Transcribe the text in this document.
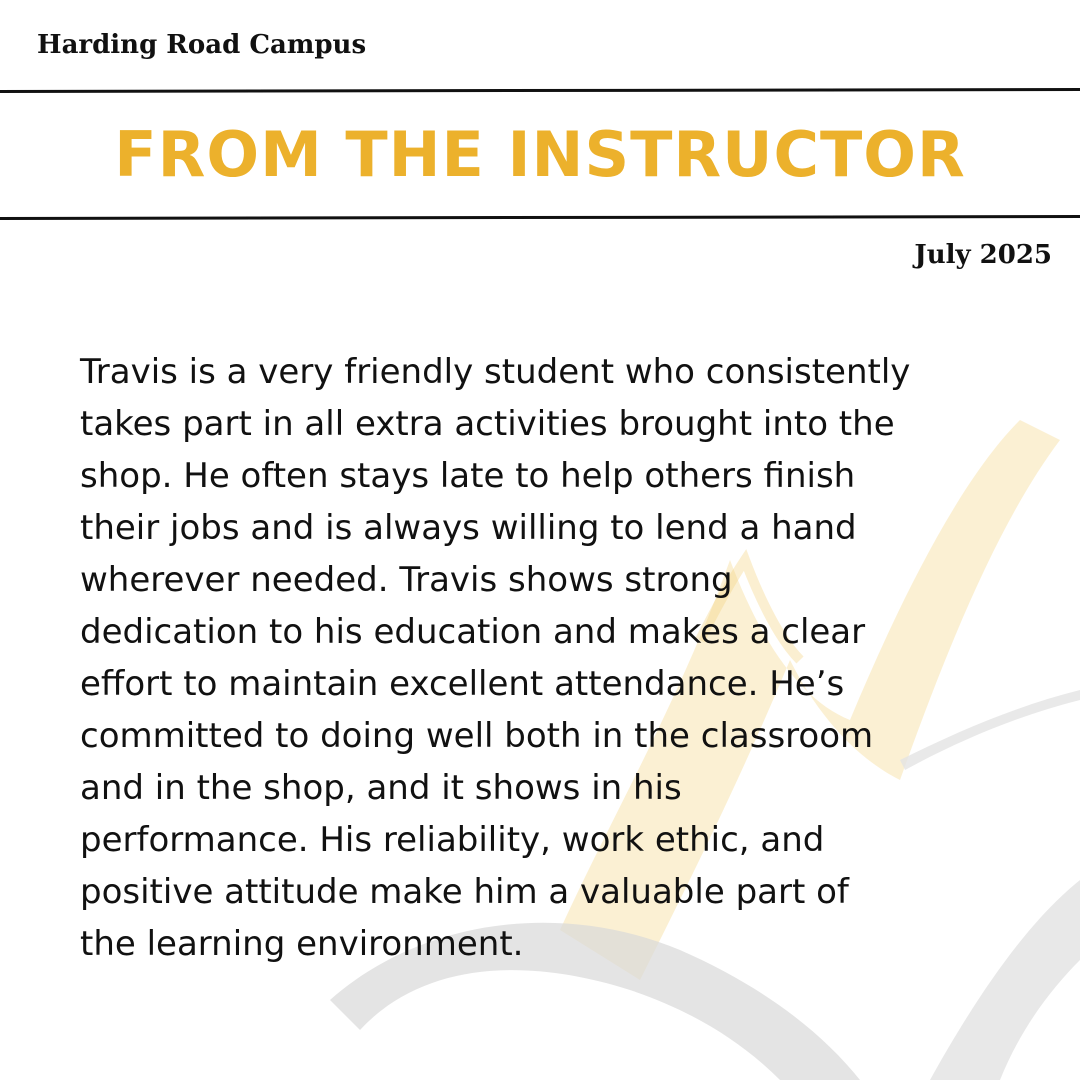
Harding Road Campus
FROM THE INSTRUCTOR
July 2025
Travis is a very friendly student who consistently
takes part in all extra activities brought into the
shop. He often stays late to help others finish
their jobs and is always willing to lend a hand
wherever needed. Travis shows strong
dedication to his education and makes a clear
effort to maintain excellent attendance. He’s
committed to doing well both in the classroom
and in the shop, and it shows in his
performance. His reliability, work ethic, and
positive attitude make him a valuable part of
the learning environment.
